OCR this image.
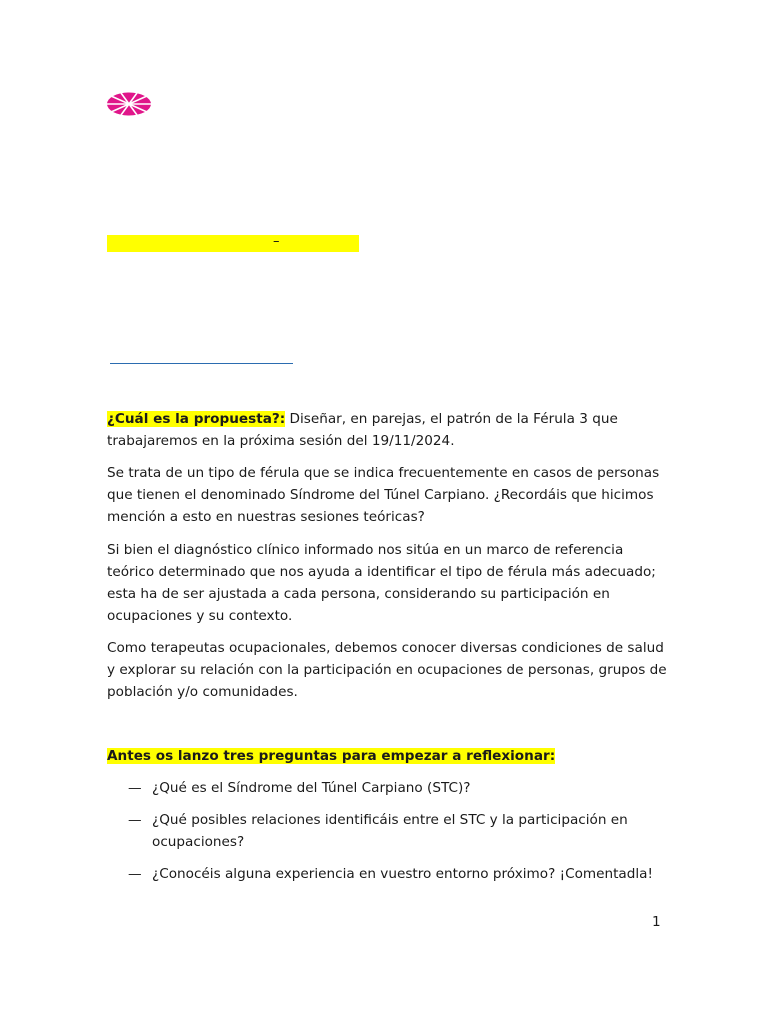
–

¿Cuál es la propuesta?: Diseñar, en parejas, el patrón de la Férula 3 que trabajaremos en la próxima sesión del 19/11/2024.

Se trata de un tipo de férula que se indica frecuentemente en casos de personas que tienen el denominado Síndrome del Túnel Carpiano. ¿Recordáis que hicimos mención a esto en nuestras sesiones teóricas?

Si bien el diagnóstico clínico informado nos sitúa en un marco de referencia teórico determinado que nos ayuda a identificar el tipo de férula más adecuado; esta ha de ser ajustada a cada persona, considerando su participación en ocupaciones y su contexto.

Como terapeutas ocupacionales, debemos conocer diversas condiciones de salud y explorar su relación con la participación en ocupaciones de personas, grupos de población y/o comunidades.

Antes os lanzo tres preguntas para empezar a reflexionar:

— ¿Qué es el Síndrome del Túnel Carpiano (STC)?
— ¿Qué posibles relaciones identificáis entre el STC y la participación en ocupaciones?
— ¿Conocéis alguna experiencia en vuestro entorno próximo? ¡Comentadla!
1
